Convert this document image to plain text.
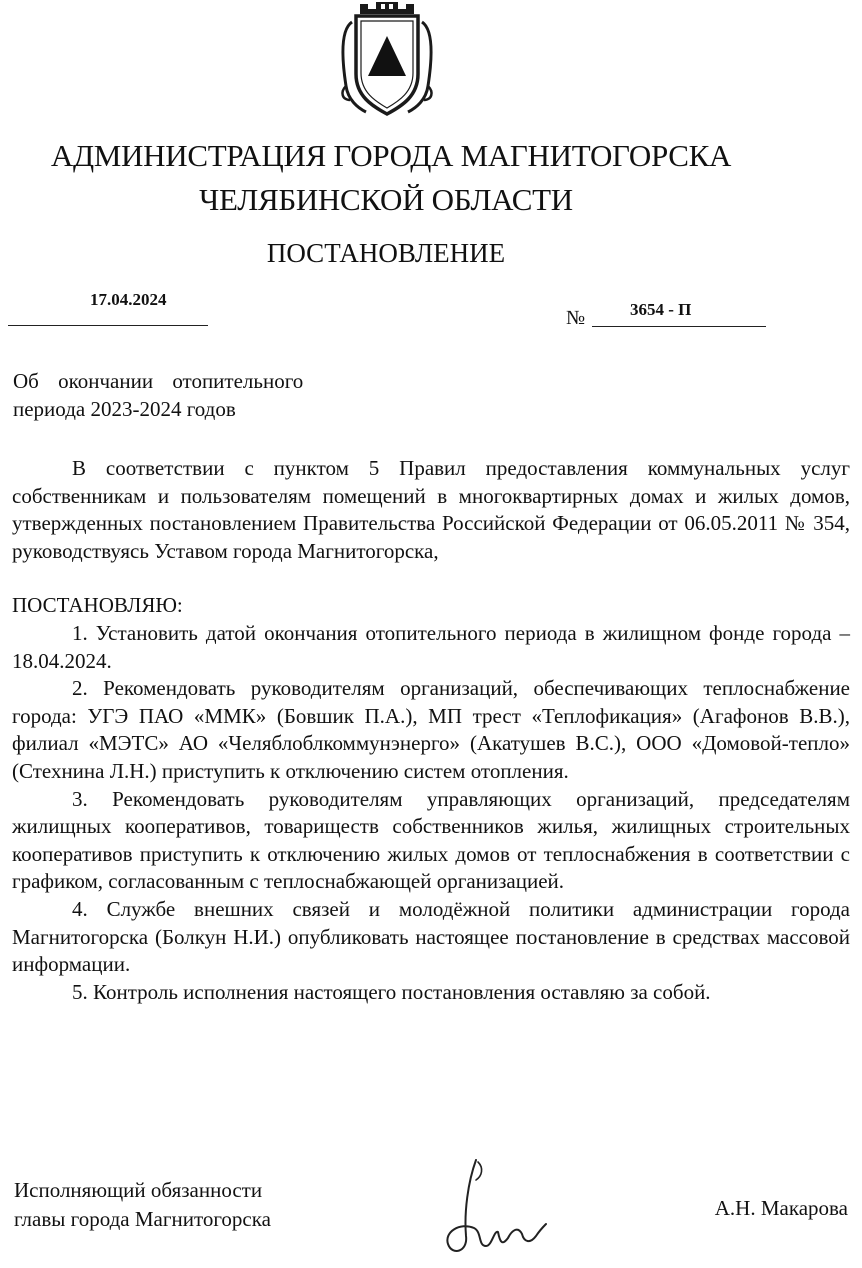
АДМИНИСТРАЦИЯ ГОРОДА МАГНИТОГОРСКА
ЧЕЛЯБИНСКОЙ ОБЛАСТИ
ПОСТАНОВЛЕНИЕ
17.04.2024
№	3654 - П
Об окончании отопительного
периода 2023-2024 годов

В соответствии с пунктом 5 Правил предоставления коммунальных услуг собственникам и пользователям помещений в многоквартирных домах и жилых домов, утвержденных постановлением Правительства Российской Федерации от 06.05.2011 № 354, руководствуясь Уставом города Магнитогорска,

ПОСТАНОВЛЯЮ:

1. Установить датой окончания отопительного периода в жилищном фонде города – 18.04.2024.

2. Рекомендовать руководителям организаций, обеспечивающих теплоснабжение города: УГЭ ПАО «ММК» (Бовшик П.А.), МП трест «Теплофикация» (Агафонов В.В.), филиал «МЭТС» АО «Челяблоблкоммунэнерго» (Акатушев В.С.), ООО «Домовой-тепло» (Стехнина Л.Н.) приступить к отключению систем отопления.

3. Рекомендовать руководителям управляющих организаций, председателям жилищных кооперативов, товариществ собственников жилья, жилищных строительных кооперативов приступить к отключению жилых домов от теплоснабжения в соответствии с графиком, согласованным с теплоснабжающей организацией.

4. Службе внешних связей и молодёжной политики администрации города Магнитогорска (Болкун Н.И.) опубликовать настоящее постановление в средствах массовой информации.

5. Контроль исполнения настоящего постановления оставляю за собой.

Исполняющий обязанности
главы города Магнитогорска	А.Н. Макарова
